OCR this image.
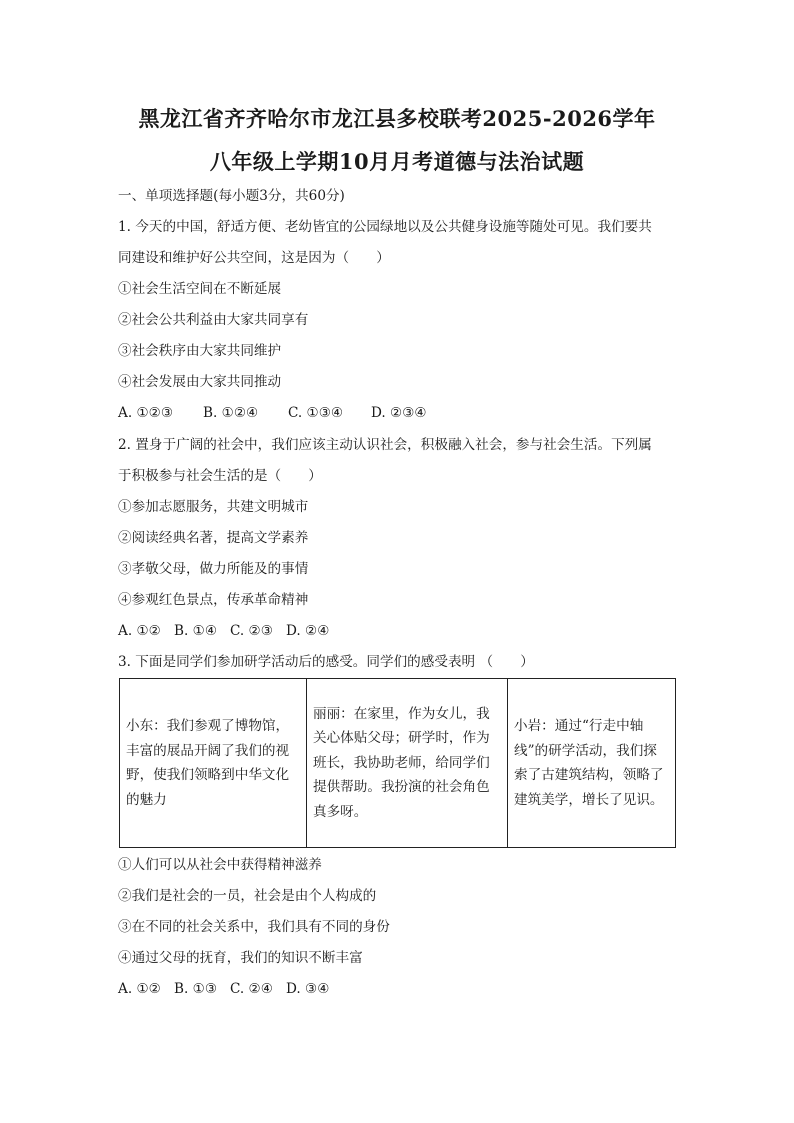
黑龙江省齐齐哈尔市龙江县多校联考2025-2026学年
八年级上学期10月月考道德与法治试题
一、单项选择题(每小题3分，共60分)
1. 今天的中国，舒适方便、老幼皆宜的公园绿地以及公共健身设施等随处可见。我们要共
同建设和维护好公共空间，这是因为（　　）
①社会生活空间在不断延展
②社会公共利益由大家共同享有
③社会秩序由大家共同维护
④社会发展由大家共同推动
A. ①②③ B. ①②④ C. ①③④ D. ②③④
2. 置身于广阔的社会中，我们应该主动认识社会，积极融入社会，参与社会生活。下列属
于积极参与社会生活的是（　　）
①参加志愿服务，共建文明城市
②阅读经典名著，提高文学素养
③孝敬父母，做力所能及的事情
④参观红色景点，传承革命精神
A. ①② B. ①④ C. ②③ D. ②④
3. 下面是同学们参加研学活动后的感受。同学们的感受表明 （　　）
小东：我们参观了博物馆，丰富的展品开阔了我们的视野，使我们领略到中华文化的魅力	丽丽：在家里，作为女儿，我关心体贴父母；研学时，作为班长，我协助老师，给同学们提供帮助。我扮演的社会角色真多呀。	小岩：通过“行走中轴线”的研学活动，我们探索了古建筑结构，领略了建筑美学，增长了见识。
①人们可以从社会中获得精神滋养
②我们是社会的一员，社会是由个人构成的
③在不同的社会关系中，我们具有不同的身份
④通过父母的抚育，我们的知识不断丰富
A. ①② B. ①③ C. ②④ D. ③④
